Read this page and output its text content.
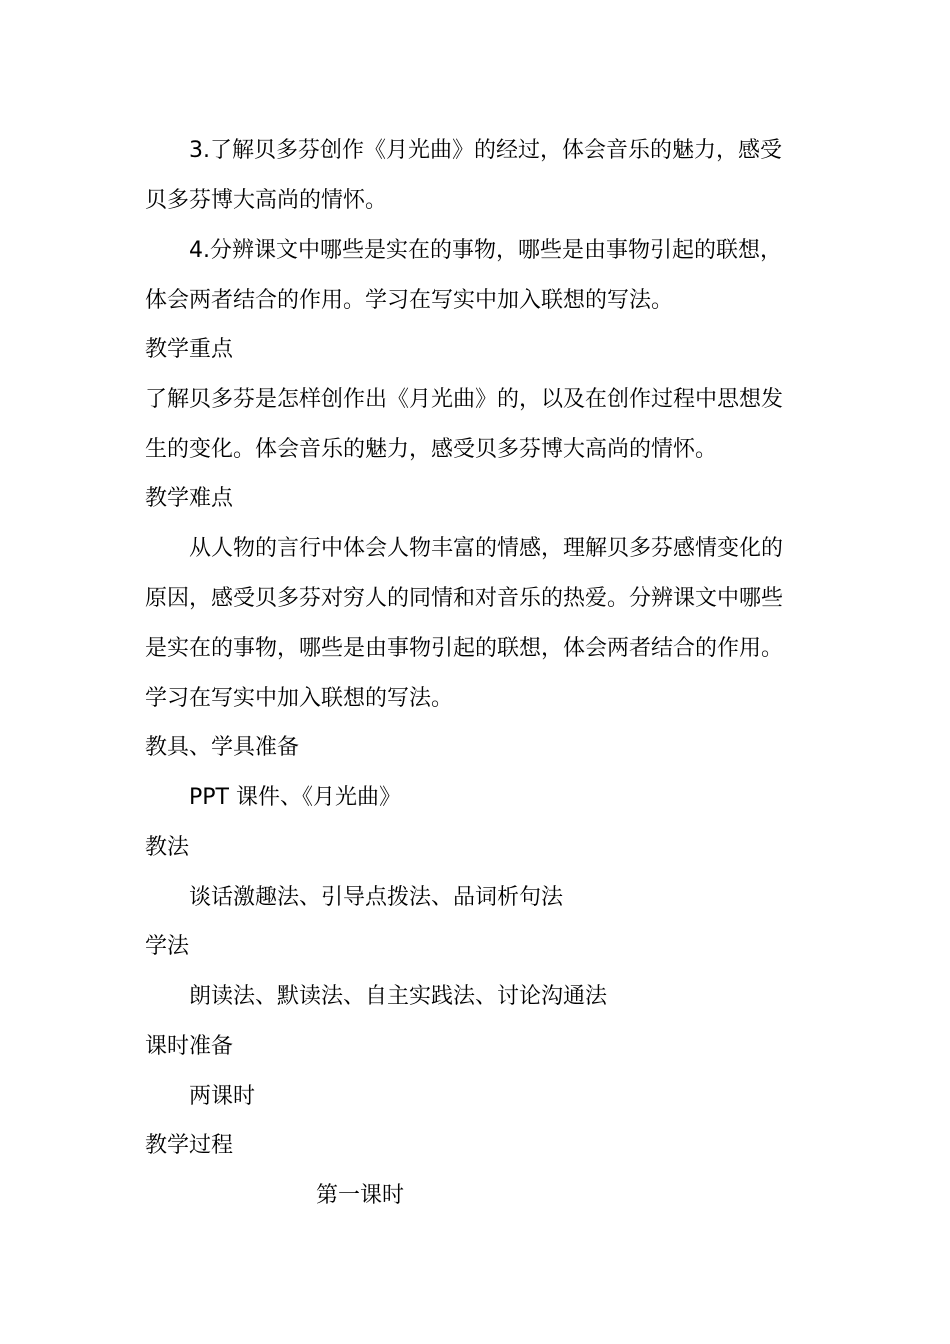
3.了解贝多芬创作《月光曲》的经过，体会音乐的魅力，感受
贝多芬博大高尚的情怀。
4.分辨课文中哪些是实在的事物，哪些是由事物引起的联想，
体会两者结合的作用。学习在写实中加入联想的写法。
教学重点
了解贝多芬是怎样创作出《月光曲》的，以及在创作过程中思想发
生的变化。体会音乐的魅力，感受贝多芬博大高尚的情怀。
教学难点
从人物的言行中体会人物丰富的情感，理解贝多芬感情变化的
原因，感受贝多芬对穷人的同情和对音乐的热爱。分辨课文中哪些
是实在的事物，哪些是由事物引起的联想，体会两者结合的作用。
学习在写实中加入联想的写法。
教具、学具准备
PPT 课件、《月光曲》
教法
谈话激趣法、引导点拨法、品词析句法
学法
朗读法、默读法、自主实践法、讨论沟通法
课时准备
两课时
教学过程
第一课时
